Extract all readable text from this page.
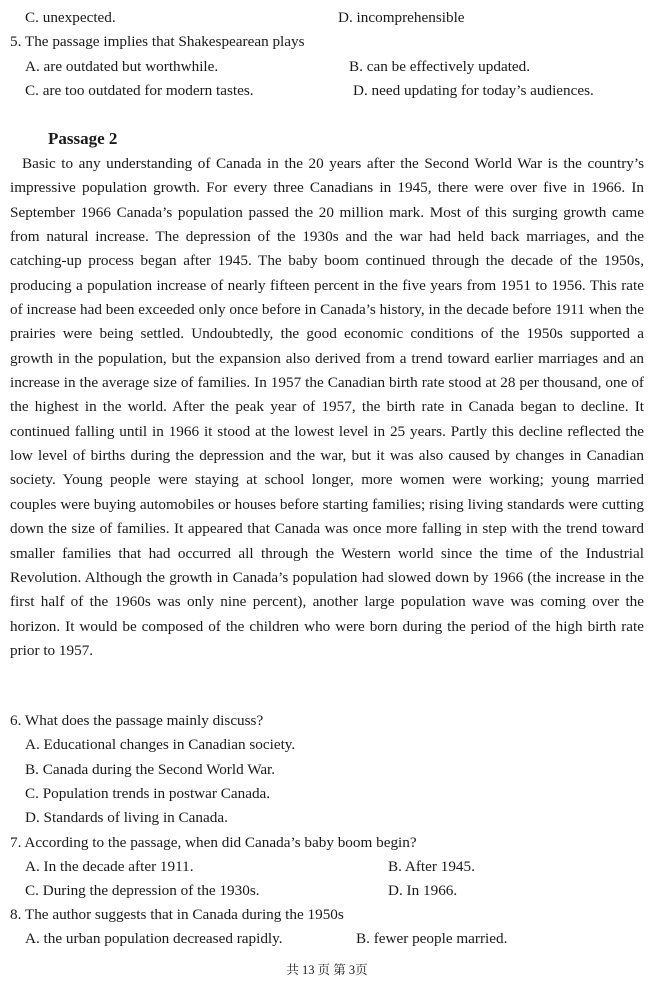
C. unexpected.	D. incomprehensible
5. The passage implies that Shakespearean plays
A. are outdated but worthwhile.	B. can be effectively updated.
C. are too outdated for modern tastes.	D. need updating for today’s audiences.
Passage 2

Basic to any understanding of Canada in the 20 years after the Second World War is the country’s impressive population growth. For every three Canadians in 1945, there were over five in 1966. In September 1966 Canada’s population passed the 20 million mark. Most of this surging growth came from natural increase. The depression of the 1930s and the war had held back marriages, and the catching-up process began after 1945. The baby boom continued through the decade of the 1950s, producing a population increase of nearly fifteen percent in the five years from 1951 to 1956. This rate of increase had been exceeded only once before in Canada’s history, in the decade before 1911 when the prairies were being settled. Undoubtedly, the good economic conditions of the 1950s supported a growth in the population, but the expansion also derived from a trend toward earlier marriages and an increase in the average size of families. In 1957 the Canadian birth rate stood at 28 per thousand, one of the highest in the world. After the peak year of 1957, the birth rate in Canada began to decline. It continued falling until in 1966 it stood at the lowest level in 25 years. Partly this decline reflected the low level of births during the depression and the war, but it was also caused by changes in Canadian society. Young people were staying at school longer, more women were working; young married couples were buying automobiles or houses before starting families; rising living standards were cutting down the size of families. It appeared that Canada was once more falling in step with the trend toward smaller families that had occurred all through the Western world since the time of the Industrial Revolution. Although the growth in Canada’s population had slowed down by 1966 (the increase in the first half of the 1960s was only nine percent), another large population wave was coming over the horizon. It would be composed of the children who were born during the period of the high birth rate prior to 1957.

6. What does the passage mainly discuss?
A. Educational changes in Canadian society.
B. Canada during the Second World War.
C. Population trends in postwar Canada.
D. Standards of living in Canada.
7. According to the passage, when did Canada’s baby boom begin?
A. In the decade after 1911.	B. After 1945.
C. During the depression of the 1930s.	D. In 1966.
8. The author suggests that in Canada during the 1950s
A. the urban population decreased rapidly.	B. fewer people married.
共 13 页 第 3页
